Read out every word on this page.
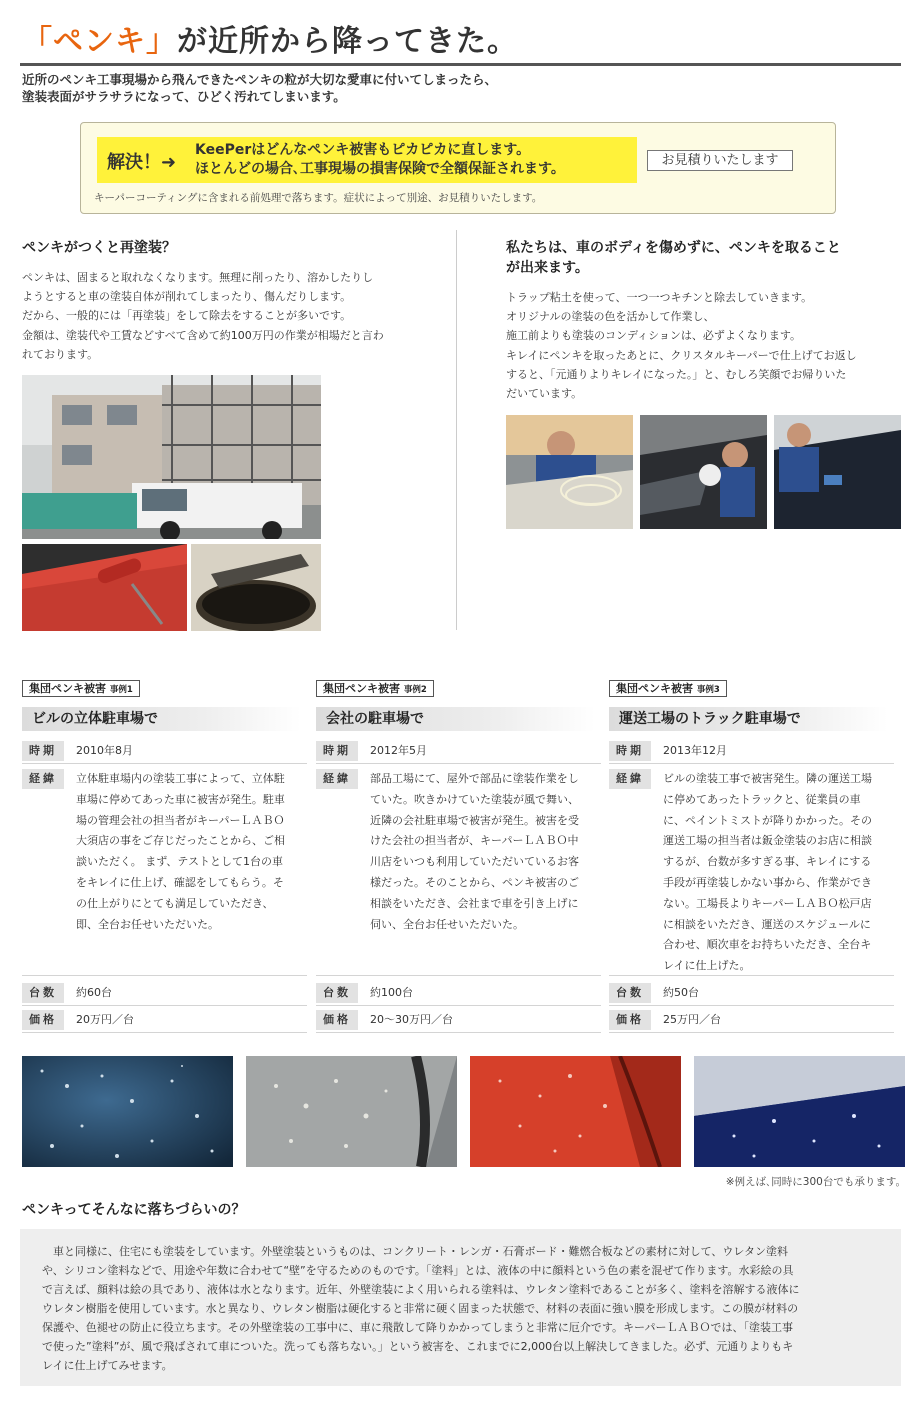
「ペンキ」が近所から降ってきた。
近所のペンキ工事現場から飛んできたペンキの粒が大切な愛車に付いてしまったら、
塗装表面がサラサラになって、ひどく汚れてしまいます。
解決！➜
KeePerはどんなペンキ被害もピカピカに直します。
ほとんどの場合､工事現場の損害保険で全額保証されます。
お見積りいたします
キーパーコーティングに含まれる前処理で落ちます。症状によって別途、お見積りいたします。
ペンキがつくと再塗装？
ペンキは、固まると取れなくなります。無理に削ったり、溶かしたりし
ようとすると車の塗装自体が削れてしまったり、傷んだりします。
だから、一般的には「再塗装」をして除去をすることが多いです。
金額は、塗装代や工賃などすべて含めて約100万円の作業が相場だと言わ
れております。
私たちは、車のボディを傷めずに、ペンキを取ること
が出来ます。
トラップ粘土を使って、一つ一つキチンと除去していきます。
オリジナルの塗装の色を活かして作業し、
施工前よりも塗装のコンディションは、必ずよくなります。
キレイにペンキを取ったあとに、クリスタルキーパーで仕上げてお返し
すると、「元通りよりキレイになった。」と、むしろ笑顔でお帰りいた
だいています。
集団ペンキ被害 事例1
ビルの立体駐車場で
時期	2010年8月
経緯	立体駐車場内の塗装工事によって、立体駐
車場に停めてあった車に被害が発生。駐車
場の管理会社の担当者がキーパーＬＡＢＯ
大須店の事をご存じだったことから、ご相
談いただく。 まず、テストとして1台の車
をキレイに仕上げ、確認をしてもらう。そ
の仕上がりにとても満足していただき、
即、全台お任せいただいた。
台数	約60台
価格	20万円／台
集団ペンキ被害 事例2
会社の駐車場で
時期	2012年5月
経緯	部品工場にて、屋外で部品に塗装作業をし
ていた。吹きかけていた塗装が風で舞い、
近隣の会社駐車場で被害が発生。被害を受
けた会社の担当者が、キーパーＬＡＢＯ中
川店をいつも利用していただいているお客
様だった。そのことから、ペンキ被害のご
相談をいただき、会社まで車を引き上げに
伺い、全台お任せいただいた。
台数	約100台
価格	20〜30万円／台
集団ペンキ被害 事例3
運送工場のトラック駐車場で
時期	2013年12月
経緯	ビルの塗装工事で被害発生。隣の運送工場
に停めてあったトラックと、従業員の車
に、ペイントミストが降りかかった。その
運送工場の担当者は鈑金塗装のお店に相談
するが、台数が多すぎる事、キレイにする
手段が再塗装しかない事から、作業ができ
ない。工場長よりキーパーＬＡＢＯ松戸店
に相談をいただき、運送のスケジュールに
合わせ、順次車をお持ちいただき、全台キ
レイに仕上げた。
台数	約50台
価格	25万円／台
※例えば､同時に300台でも承ります。
ペンキってそんなに落ちづらいの？
　車と同様に、住宅にも塗装をしています。外壁塗装というものは、コンクリート・レンガ・石膏ボード・難燃合板などの素材に対して、ウレタン塗料
や、シリコン塗料などで、用途や年数に合わせて“壁”を守るためのものです。「塗料」とは、液体の中に顔料という色の素を混ぜて作ります。水彩絵の具
で言えば、顔料は絵の具であり、液体は水となります。近年、外壁塗装によく用いられる塗料は、ウレタン塗料であることが多く、塗料を溶解する液体に
ウレタン樹脂を使用しています。水と異なり、ウレタン樹脂は硬化すると非常に硬く固まった状態で、材料の表面に強い膜を形成します。この膜が材料の
保護や、色褪せの防止に役立ちます。その外壁塗装の工事中に、車に飛散して降りかかってしまうと非常に厄介です。キーパーＬＡＢＯでは、「塗装工事
で使った”塗料”が、風で飛ばされて車についた。洗っても落ちない。」という被害を、これまでに2,000台以上解決してきました。必ず、元通りよりもキ
レイに仕上げてみせます。
